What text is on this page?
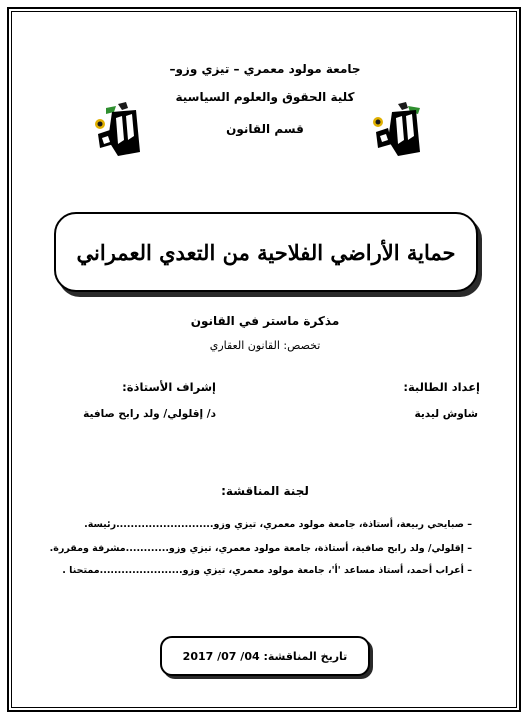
جامعة مولود معمري – تيزي وزو–
كلية الحقوق والعلوم السياسية
قسم القانون
حماية الأراضي الفلاحية من التعدي العمراني
مذكرة ماستر في القانون
تخصص: القانون العقاري
إعداد الطالبة:
إشراف الأستاذة:
شاوش ليدية
د/ إقلولي/ ولد رابح صافية
لجنة المناقشة:
– صبايحي ربيعة، أستاذة، جامعة مولود معمري، تيزي وزو...........................رئيسة.
– إقلولي/ ولد رابح صافية، أستاذة، جامعة مولود معمري، تيزي وزو............مشرفة ومقررة.
– أعراب أحمد، أستاذ مساعد 'أ'، جامعة مولود معمري، تيزي وزو.......................ممتحنا .
تاريخ المناقشة: 04/ 07/ 2017
